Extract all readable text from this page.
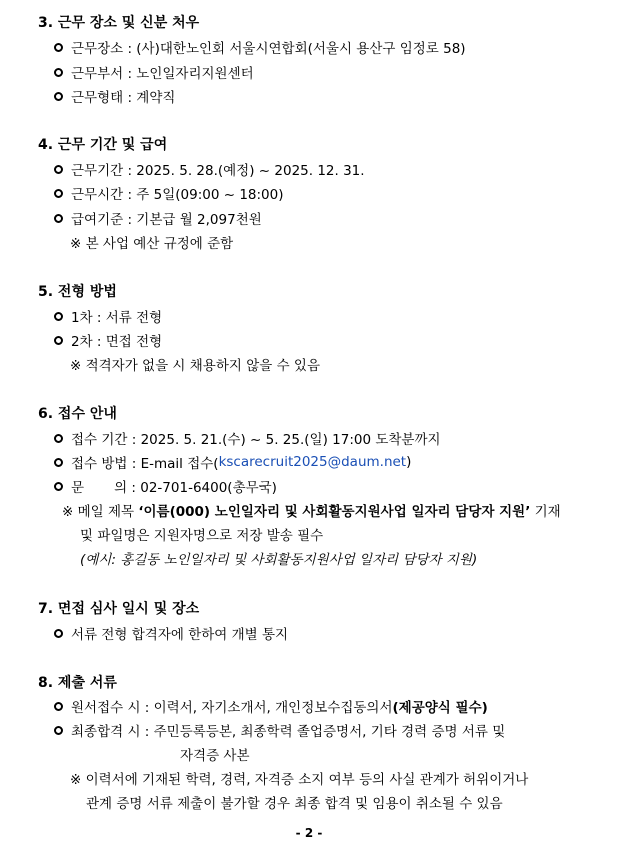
3. 근무 장소 및 신분 처우
근무장소 : (사)대한노인회 서울시연합회(서울시 용산구 임정로 58)
근무부서 : 노인일자리지원센터
근무형태 : 계약직
4. 근무 기간 및 급여
근무기간 : 2025. 5. 28.(예정) ~ 2025. 12. 31.
근무시간 : 주 5일(09:00 ~ 18:00)
급여기준 : 기본급 월 2,097천원
※ 본 사업 예산 규정에 준함
5. 전형 방법
1차 : 서류 전형
2차 : 면접 전형
※ 적격자가 없을 시 채용하지 않을 수 있음
6. 접수 안내
접수 기간 : 2025. 5. 21.(수) ~ 5. 25.(일) 17:00 도착분까지
접수 방법 : E-mail 접수( kscarecruit2025@daum.net )
문       의 : 02-701-6400(총무국)
※ 메일 제목 ‘이름(000) 노인일자리 및 사회활동지원사업 일자리 담당자 지원’ 기재
및 파일명은 지원자명으로 저장 발송 필수
(예시: 홍길동 노인일자리 및 사회활동지원사업 일자리 담당자 지원)
7. 면접 심사 일시 및 장소
서류 전형 합격자에 한하여 개별 통지
8. 제출 서류
원서접수 시 : 이력서, 자기소개서, 개인정보수집동의서 (제공양식 필수)
최종합격 시 : 주민등록등본, 최종학력 졸업증명서, 기타 경력 증명 서류 및
자격증 사본
※ 이력서에 기재된 학력, 경력, 자격증 소지 여부 등의 사실 관계가 허위이거나
관계 증명 서류 제출이 불가할 경우 최종 합격 및 임용이 취소될 수 있음
- 2 -
